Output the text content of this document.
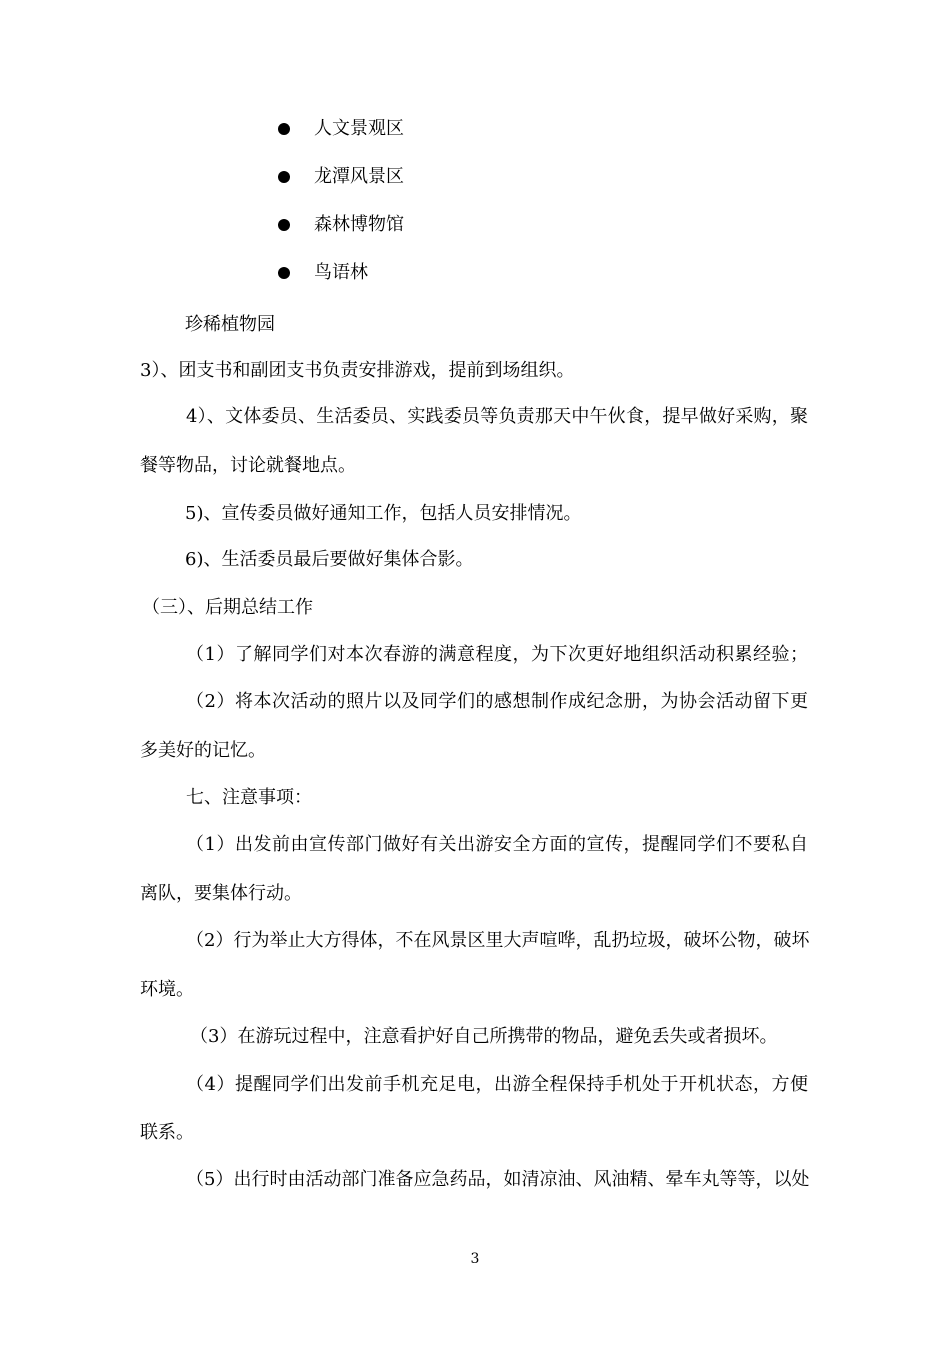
人文景观区
龙潭风景区
森林博物馆
鸟语林
珍稀植物园
3）、团支书和副团支书负责安排游戏，提前到场组织。
4）、文体委员、生活委员、实践委员等负责那天中午伙食，提早做好采购，聚
餐等物品，讨论就餐地点。
5)、宣传委员做好通知工作，包括人员安排情况。
6)、生活委员最后要做好集体合影。
（三）、后期总结工作
（1）了解同学们对本次春游的满意程度，为下次更好地组织活动积累经验；
（2）将本次活动的照片以及同学们的感想制作成纪念册，为协会活动留下更
多美好的记忆。
七、注意事项：
（1）出发前由宣传部门做好有关出游安全方面的宣传，提醒同学们不要私自
离队，要集体行动。
（2）行为举止大方得体，不在风景区里大声喧哗，乱扔垃圾，破坏公物，破坏
环境。
（3）在游玩过程中，注意看护好自己所携带的物品，避免丢失或者损坏。
（4）提醒同学们出发前手机充足电，出游全程保持手机处于开机状态，方便
联系。
（5）出行时由活动部门准备应急药品，如清凉油、风油精、晕车丸等等，以处
3
